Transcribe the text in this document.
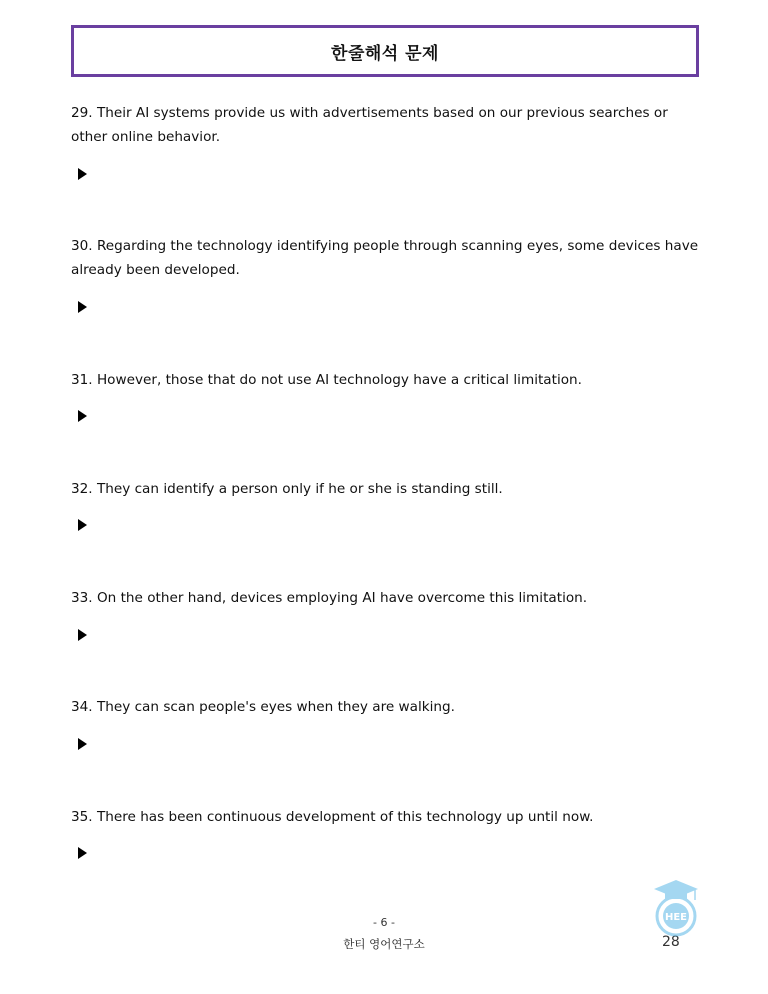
한줄해석 문제
29. Their AI systems provide us with advertisements based on our previous searches or other online behavior.
30. Regarding the technology identifying people through scanning eyes, some devices have already been developed.
31. However, those that do not use AI technology have a critical limitation.
32. They can identify a person only if he or she is standing still.
33. On the other hand, devices employing AI have overcome this limitation.
34. They can scan people's eyes when they are walking.
35. There has been continuous development of this technology up until now.
- 6 -
한티 영어연구소	28
HEE
